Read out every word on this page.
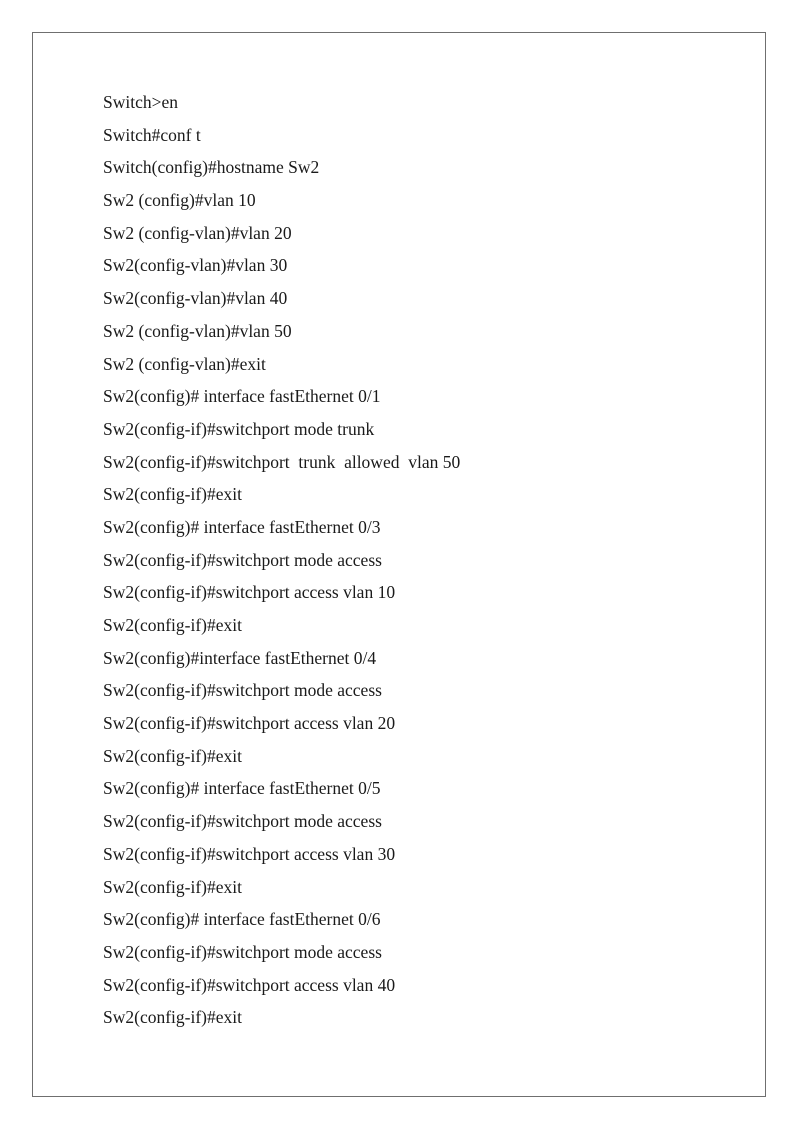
Switch>en
Switch#conf t
Switch(config)#hostname Sw2
Sw2 (config)#vlan 10
Sw2 (config-vlan)#vlan 20
Sw2(config-vlan)#vlan 30
Sw2(config-vlan)#vlan 40
Sw2 (config-vlan)#vlan 50
Sw2 (config-vlan)#exit
Sw2(config)# interface fastEthernet 0/1
Sw2(config-if)#switchport mode trunk
Sw2(config-if)#switchport  trunk  allowed  vlan 50
Sw2(config-if)#exit
Sw2(config)# interface fastEthernet 0/3
Sw2(config-if)#switchport mode access
Sw2(config-if)#switchport access vlan 10
Sw2(config-if)#exit
Sw2(config)#interface fastEthernet 0/4
Sw2(config-if)#switchport mode access
Sw2(config-if)#switchport access vlan 20
Sw2(config-if)#exit
Sw2(config)# interface fastEthernet 0/5
Sw2(config-if)#switchport mode access
Sw2(config-if)#switchport access vlan 30
Sw2(config-if)#exit
Sw2(config)# interface fastEthernet 0/6
Sw2(config-if)#switchport mode access
Sw2(config-if)#switchport access vlan 40
Sw2(config-if)#exit
